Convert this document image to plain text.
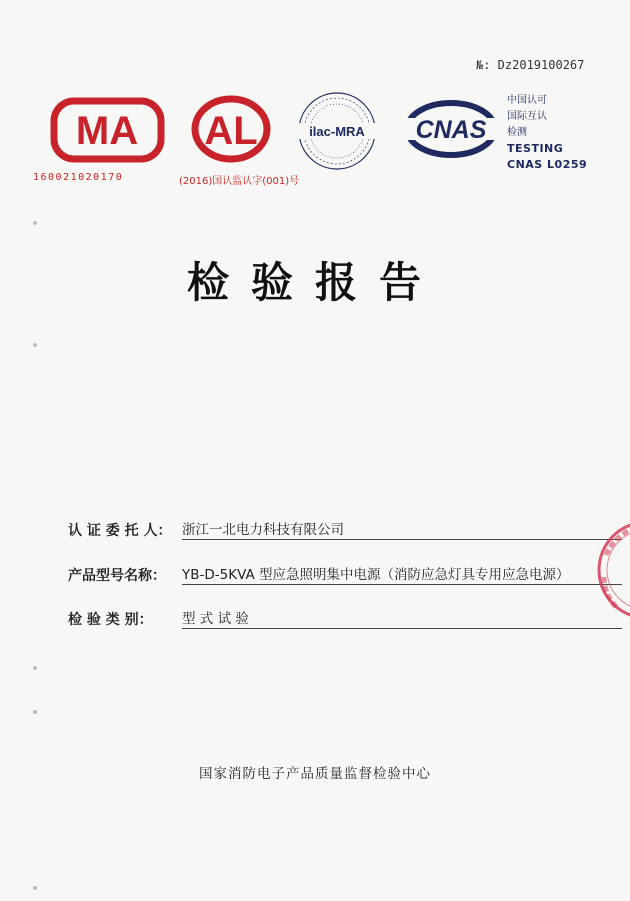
№: Dz2019100267
MA
160021020170
AL
(2016)国认监认字(001)号
ilac-MRA CNAS
中国认可
国际互认
检测
TESTING
CNAS L0259
检验报告
认 证 委 托 人： 浙江一北电力科技有限公司
产品型号名称：	YB-D-5KVA 型应急照明集中电源（消防应急灯具专用应急电源）
检 验 类 别：	型 式 试 验
国家消防电子产品质量监督检验中心
